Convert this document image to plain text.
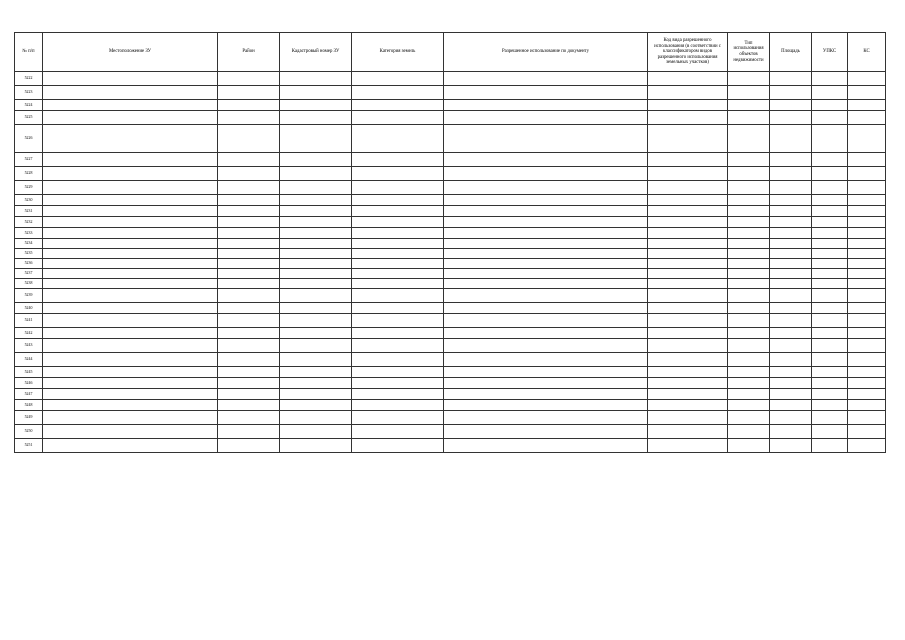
№ п/п	Местоположение ЗУ	Район	Кадастровый номер ЗУ	Категория земель	Разрешенное использование по документу	Код вида разрешенного использования (в соответствии с классификатором видов разрешенного использования земельных участков)	Тип использования объектов недвижимости	Площадь	УПКС	КС
5222										
5223										
5224										
5225										
5226										
5227										
5228										
5229										
5230										
5231										
5232										
5233										
5234										
5235										
5236										
5237										
5238										
5239										
5240										
5241										
5242										
5243										
5244										
5245										
5246										
5247										
5248										
5249										
5250										
5251										
